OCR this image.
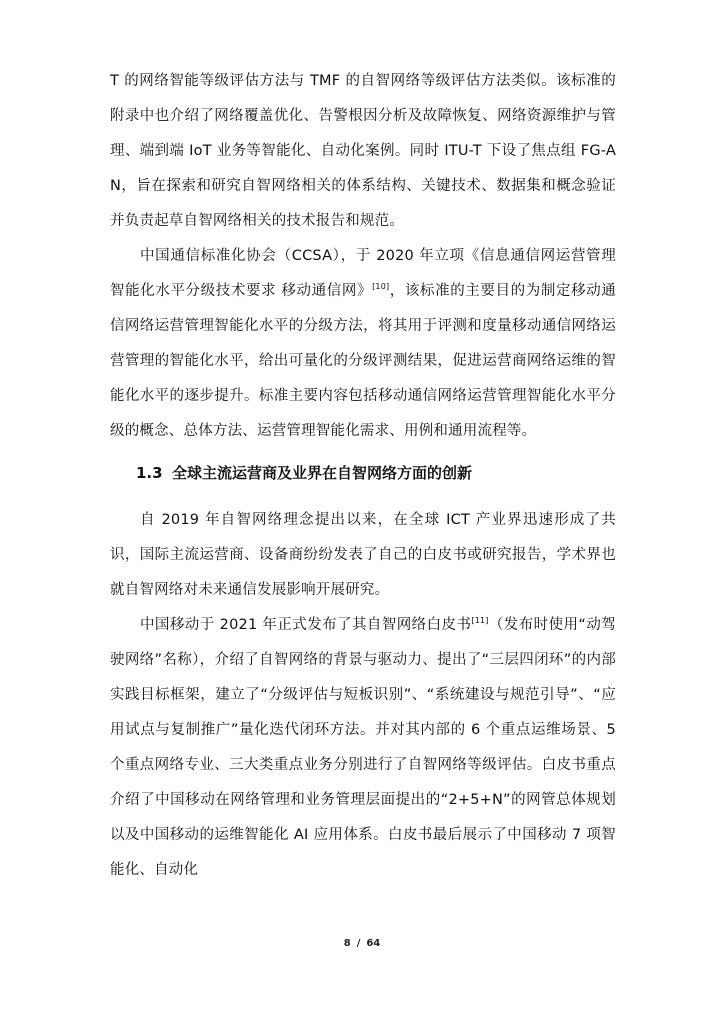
T 的网络智能等级评估方法与 TMF 的自智网络等级评估方法类似。该标准的附录中也介绍了网络覆盖优化、告警根因分析及故障恢复、网络资源维护与管理、端到端 IoT 业务等智能化、自动化案例。同时 ITU-T 下设了焦点组 FG-AN，旨在探索和研究自智网络相关的体系结构、关键技术、数据集和概念验证并负责起草自智网络相关的技术报告和规范。

中国通信标准化协会（CCSA），于 2020 年立项《信息通信网运营管理智能化水平分级技术要求 移动通信网》[10]，该标准的主要目的为制定移动通信网络运营管理智能化水平的分级方法，将其用于评测和度量移动通信网络运营管理的智能化水平，给出可量化的分级评测结果，促进运营商网络运维的智能化水平的逐步提升。标准主要内容包括移动通信网络运营管理智能化水平分级的概念、总体方法、运营管理智能化需求、用例和通用流程等。

1.3 全球主流运营商及业界在自智网络方面的创新

自 2019 年自智网络理念提出以来，在全球 ICT 产业界迅速形成了共识，国际主流运营商、设备商纷纷发表了自己的白皮书或研究报告，学术界也就自智网络对未来通信发展影响开展研究。

中国移动于 2021 年正式发布了其自智网络白皮书[11]（发布时使用“动驾驶网络”名称），介绍了自智网络的背景与驱动力、提出了“三层四闭环”的内部实践目标框架，建立了“分级评估与短板识别”、“系统建设与规范引导”、“应用试点与复制推广”量化迭代闭环方法。并对其内部的 6 个重点运维场景、5 个重点网络专业、三大类重点业务分别进行了自智网络等级评估。白皮书重点介绍了中国移动在网络管理和业务管理层面提出的“2+5+N”的网管总体规划以及中国移动的运维智能化 AI 应用体系。白皮书最后展示了中国移动 7 项智能化、自动化

8 / 64
